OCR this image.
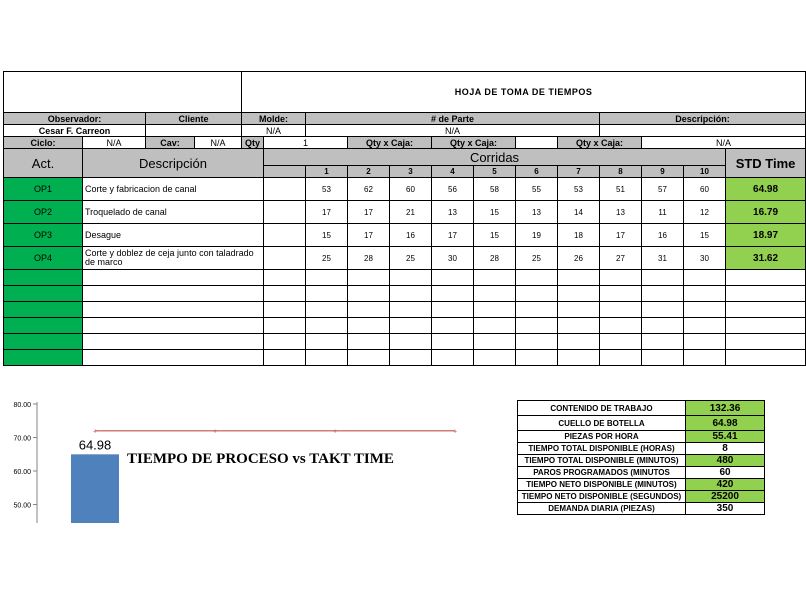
				HOJA DE TOMA DE TIEMPOS												
Observador:		Cliente		Molde:		# de Parte							Descripción:			
Cesar F. Carreon				N/A		N/A										
Ciclo:	N/A	Cav:	N/A	Qty	1		Qty x Caja:		Qty x Caja:			Qty x Caja:		N/A		
Act.	Descripción				Corridas											STD Time
						1	2	3	4	5	6	7	8	9	10	
OP1	Corte y fabricacion de canal					53	62	60	56	58	55	53	51	57	60	64.98
OP2	Troquelado de canal					17	17	21	13	15	13	14	13	11	12	16.79
OP3	Desague					15	17	16	17	15	19	18	17	16	15	18.97
OP4	Corte y doblez de ceja junto con taladrado de marco					25	28	25	30	28	25	26	27	31	30	31.62

80.00
70.00
60.00
50.00
64.98
+	+	+	+
TIEMPO DE PROCESO vs TAKT TIME
CONTENIDO DE TRABAJO	132.36
CUELLO DE BOTELLA	64.98
PIEZAS POR HORA	55.41
TIEMPO TOTAL DISPONIBLE (HORAS)	8
TIEMPO TOTAL DISPONIBLE (MINUTOS)	480
PAROS PROGRAMADOS (MINUTOS	60
TIEMPO NETO DISPONIBLE (MINUTOS)	420
TIEMPO NETO DISPONIBLE (SEGUNDOS)	25200
DEMANDA DIARIA (PIEZAS)	350
